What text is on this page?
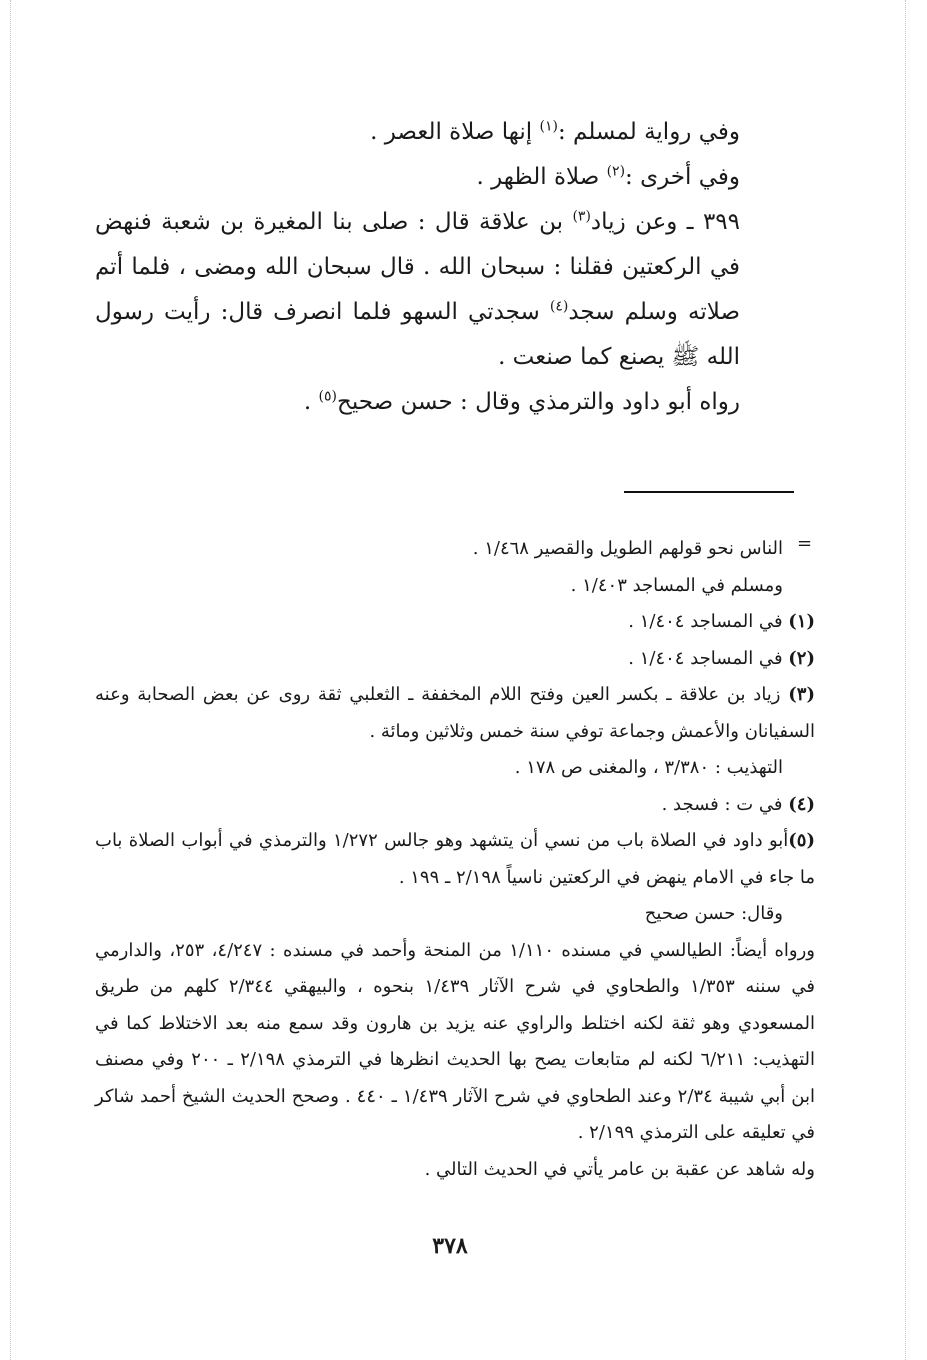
وفي رواية لمسلم :$^{(١)}$ إنها صلاة العصر .

وفي أخرى :$^{(٢)}$ صلاة الظهر .

٣٩٩ ـ وعن زياد$^{(٣)}$ بن علاقة قال : صلى بنا المغيرة بن شعبة فنهض في الركعتين فقلنا : سبحان الله . قال سبحان الله ومضى ، فلما أتم صلاته وسلم سجد$^{(٤)}$ سجدتي السهو فلما انصرف قال: رأيت رسول الله ﷺ يصنع كما صنعت .

رواه أبو داود والترمذي وقال : حسن صحيح$^{(٥)}$ .

=

الناس نحو قولهم الطويل والقصير ١/٤٦٨ .

ومسلم في المساجد ١/٤٠٣ .

(١) في المساجد ١/٤٠٤ .

(٢) في المساجد ١/٤٠٤ .

(٣) زياد بن علاقة ـ بكسر العين وفتح اللام المخففة ـ الثعلبي ثقة روى عن بعض الصحابة وعنه السفيانان والأعمش وجماعة توفي سنة خمس وثلاثين ومائة .

التهذيب : ٣/٣٨٠ ، والمغنى ص ١٧٨ .

(٤) في ت : فسجد .

(٥)أبو داود في الصلاة باب من نسي أن يتشهد وهو جالس ١/٢٧٢ والترمذي في أبواب الصلاة باب ما جاء في الامام ينهض في الركعتين ناسياً ٢/١٩٨ ـ ١٩٩ .

وقال: حسن صحيح

ورواه أيضاً: الطيالسي في مسنده ١/١١٠ من المنحة وأحمد في مسنده : ٤/٢٤٧، ٢٥٣، والدارمي في سننه ١/٣٥٣ والطحاوي في شرح الآثار ١/٤٣٩ بنحوه ، والبيهقي ٢/٣٤٤ كلهم من طريق المسعودي وهو ثقة لكنه اختلط والراوي عنه يزيد بن هارون وقد سمع منه بعد الاختلاط كما في التهذيب: ٦/٢١١ لكنه لم متابعات يصح بها الحديث انظرها في الترمذي ٢/١٩٨ ـ ٢٠٠ وفي مصنف ابن أبي شيبة ٢/٣٤ وعند الطحاوي في شرح الآثار ١/٤٣٩ ـ ٤٤٠ . وصحح الحديث الشيخ أحمد شاكر في تعليقه على الترمذي ٢/١٩٩ .

وله شاهد عن عقبة بن عامر يأتي في الحديث التالي .

٣٧٨
